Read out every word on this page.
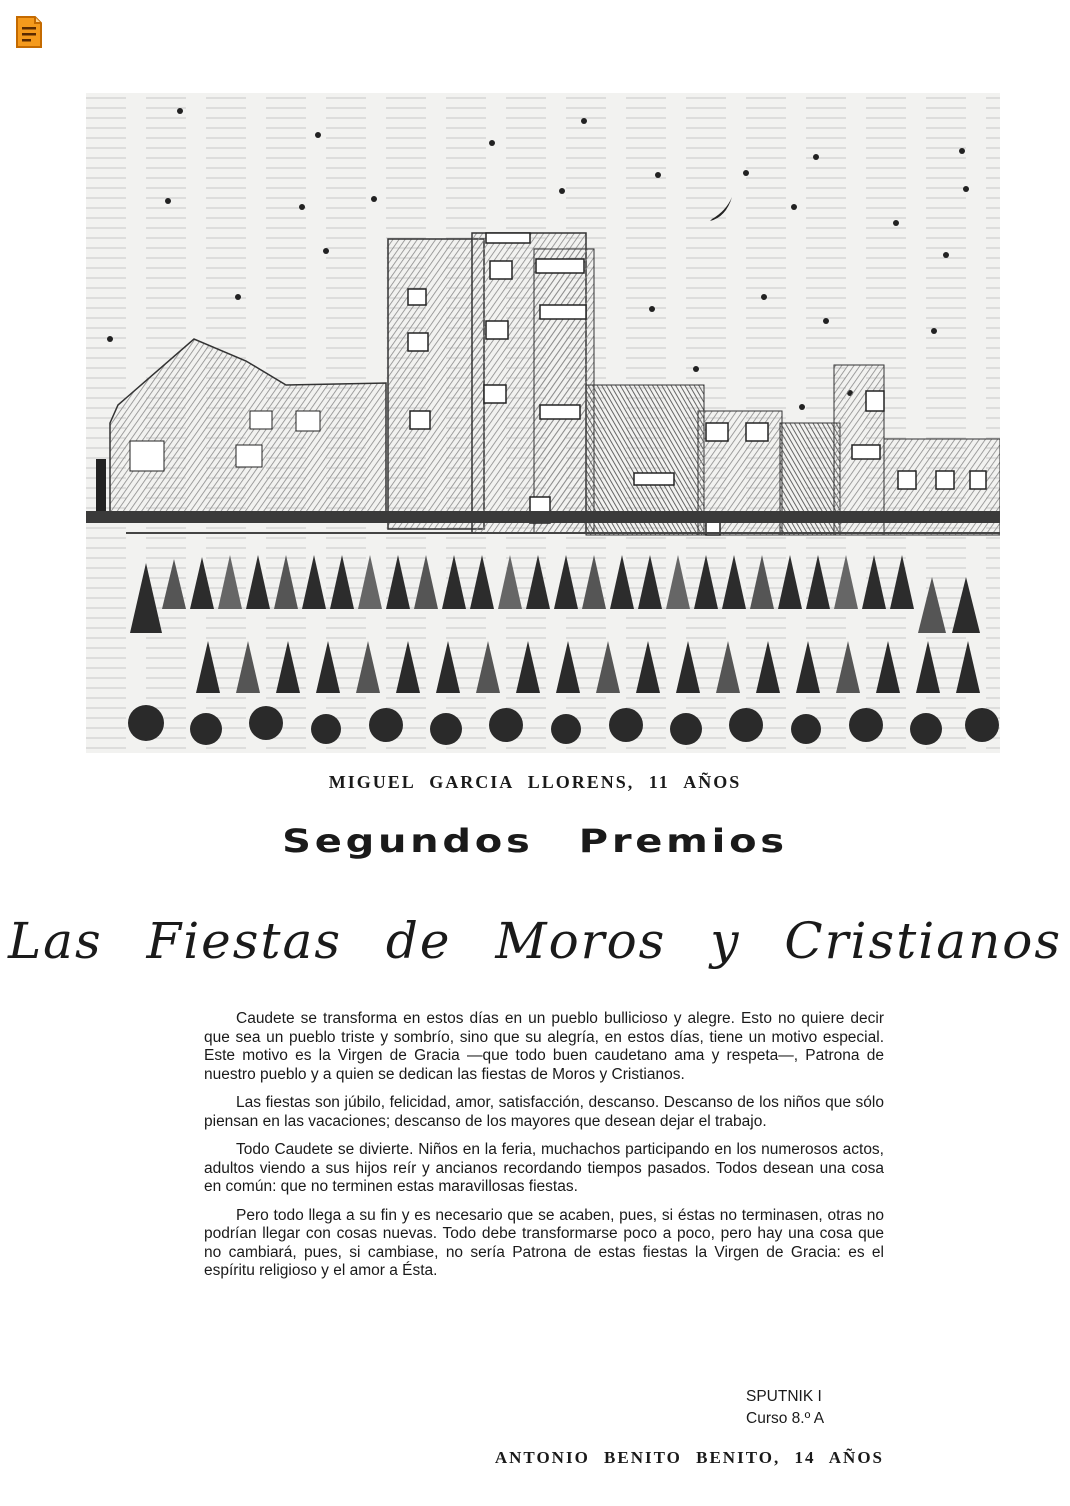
MIGUEL GARCIA LLORENS, 11 AÑOS
Segundos Premios
Las Fiestas de Moros y Cristianos

Caudete se transforma en estos días en un pueblo bullicioso y alegre. Esto no quiere decir que sea un pueblo triste y sombrío, sino que su alegría, en estos días, tiene un motivo especial. Este motivo es la Virgen de Gracia —que todo buen caudetano ama y respeta—, Patrona de nuestro pueblo y a quien se dedican las fiestas de Moros y Cristianos.

Las fiestas son júbilo, felicidad, amor, satisfacción, descanso. Descanso de los niños que sólo piensan en las vacaciones; descanso de los mayores que desean dejar el trabajo.

Todo Caudete se divierte. Niños en la feria, muchachos participando en los numerosos actos, adultos viendo a sus hijos reír y ancianos recordando tiempos pasados. Todos desean una cosa en común: que no terminen estas maravillosas fiestas.

Pero todo llega a su fin y es necesario que se acaben, pues, si éstas no terminasen, otras no podrían llegar con cosas nuevas. Todo debe transformarse poco a poco, pero hay una cosa que no cambiará, pues, si cambiase, no sería Patrona de estas fiestas la Virgen de Gracia: es el espíritu religioso y el amor a Ésta.

SPUTNIK I
Curso 8.º A
ANTONIO BENITO BENITO, 14 AÑOS
